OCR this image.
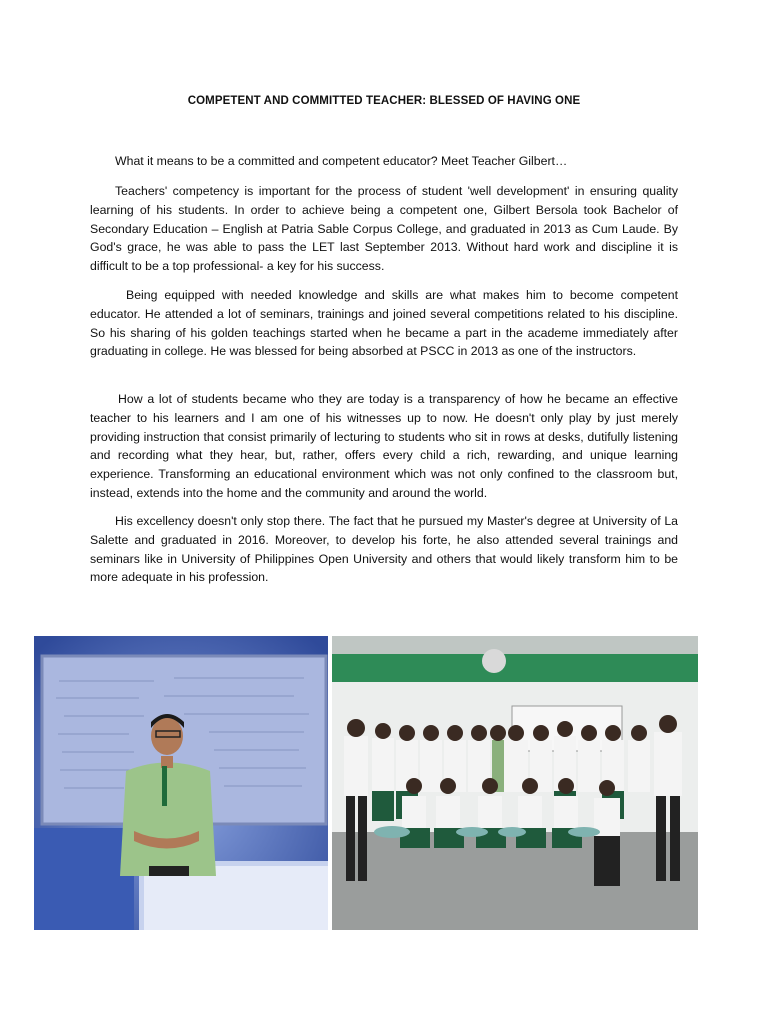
COMPETENT AND COMMITTED TEACHER: BLESSED OF HAVING ONE

What it means to be a committed and competent educator? Meet Teacher Gilbert…

Teachers' competency is important for the process of student 'well development' in ensuring quality learning of his students. In order to achieve being a competent one, Gilbert Bersola took Bachelor of Secondary Education – English at Patria Sable Corpus College, and graduated in 2013 as Cum Laude. By God's grace, he was able to pass the LET last September 2013. Without hard work and discipline it is difficult to be a top professional- a key for his success.

Being equipped with needed knowledge and skills are what makes him to become competent educator. He attended a lot of seminars, trainings and joined several competitions related to his discipline. So his sharing of his golden teachings started when he became a part in the academe immediately after graduating in college. He was blessed for being absorbed at PSCC in 2013 as one of the instructors.

How a lot of students became who they are today is a transparency of how he became an effective teacher to his learners and I am one of his witnesses up to now. He doesn't only play by just merely providing instruction that consist primarily of lecturing to students who sit in rows at desks, dutifully listening and recording what they hear, but, rather, offers every child a rich, rewarding, and unique learning experience. Transforming an educational environment which was not only confined to the classroom but, instead, extends into the home and the community and around the world.

His excellency doesn't only stop there. The fact that he pursued my Master's degree at University of La Salette and graduated in 2016. Moreover, to develop his forte, he also attended several trainings and seminars like in University of Philippines Open University and others that would likely transform him to be more adequate in his profession.
